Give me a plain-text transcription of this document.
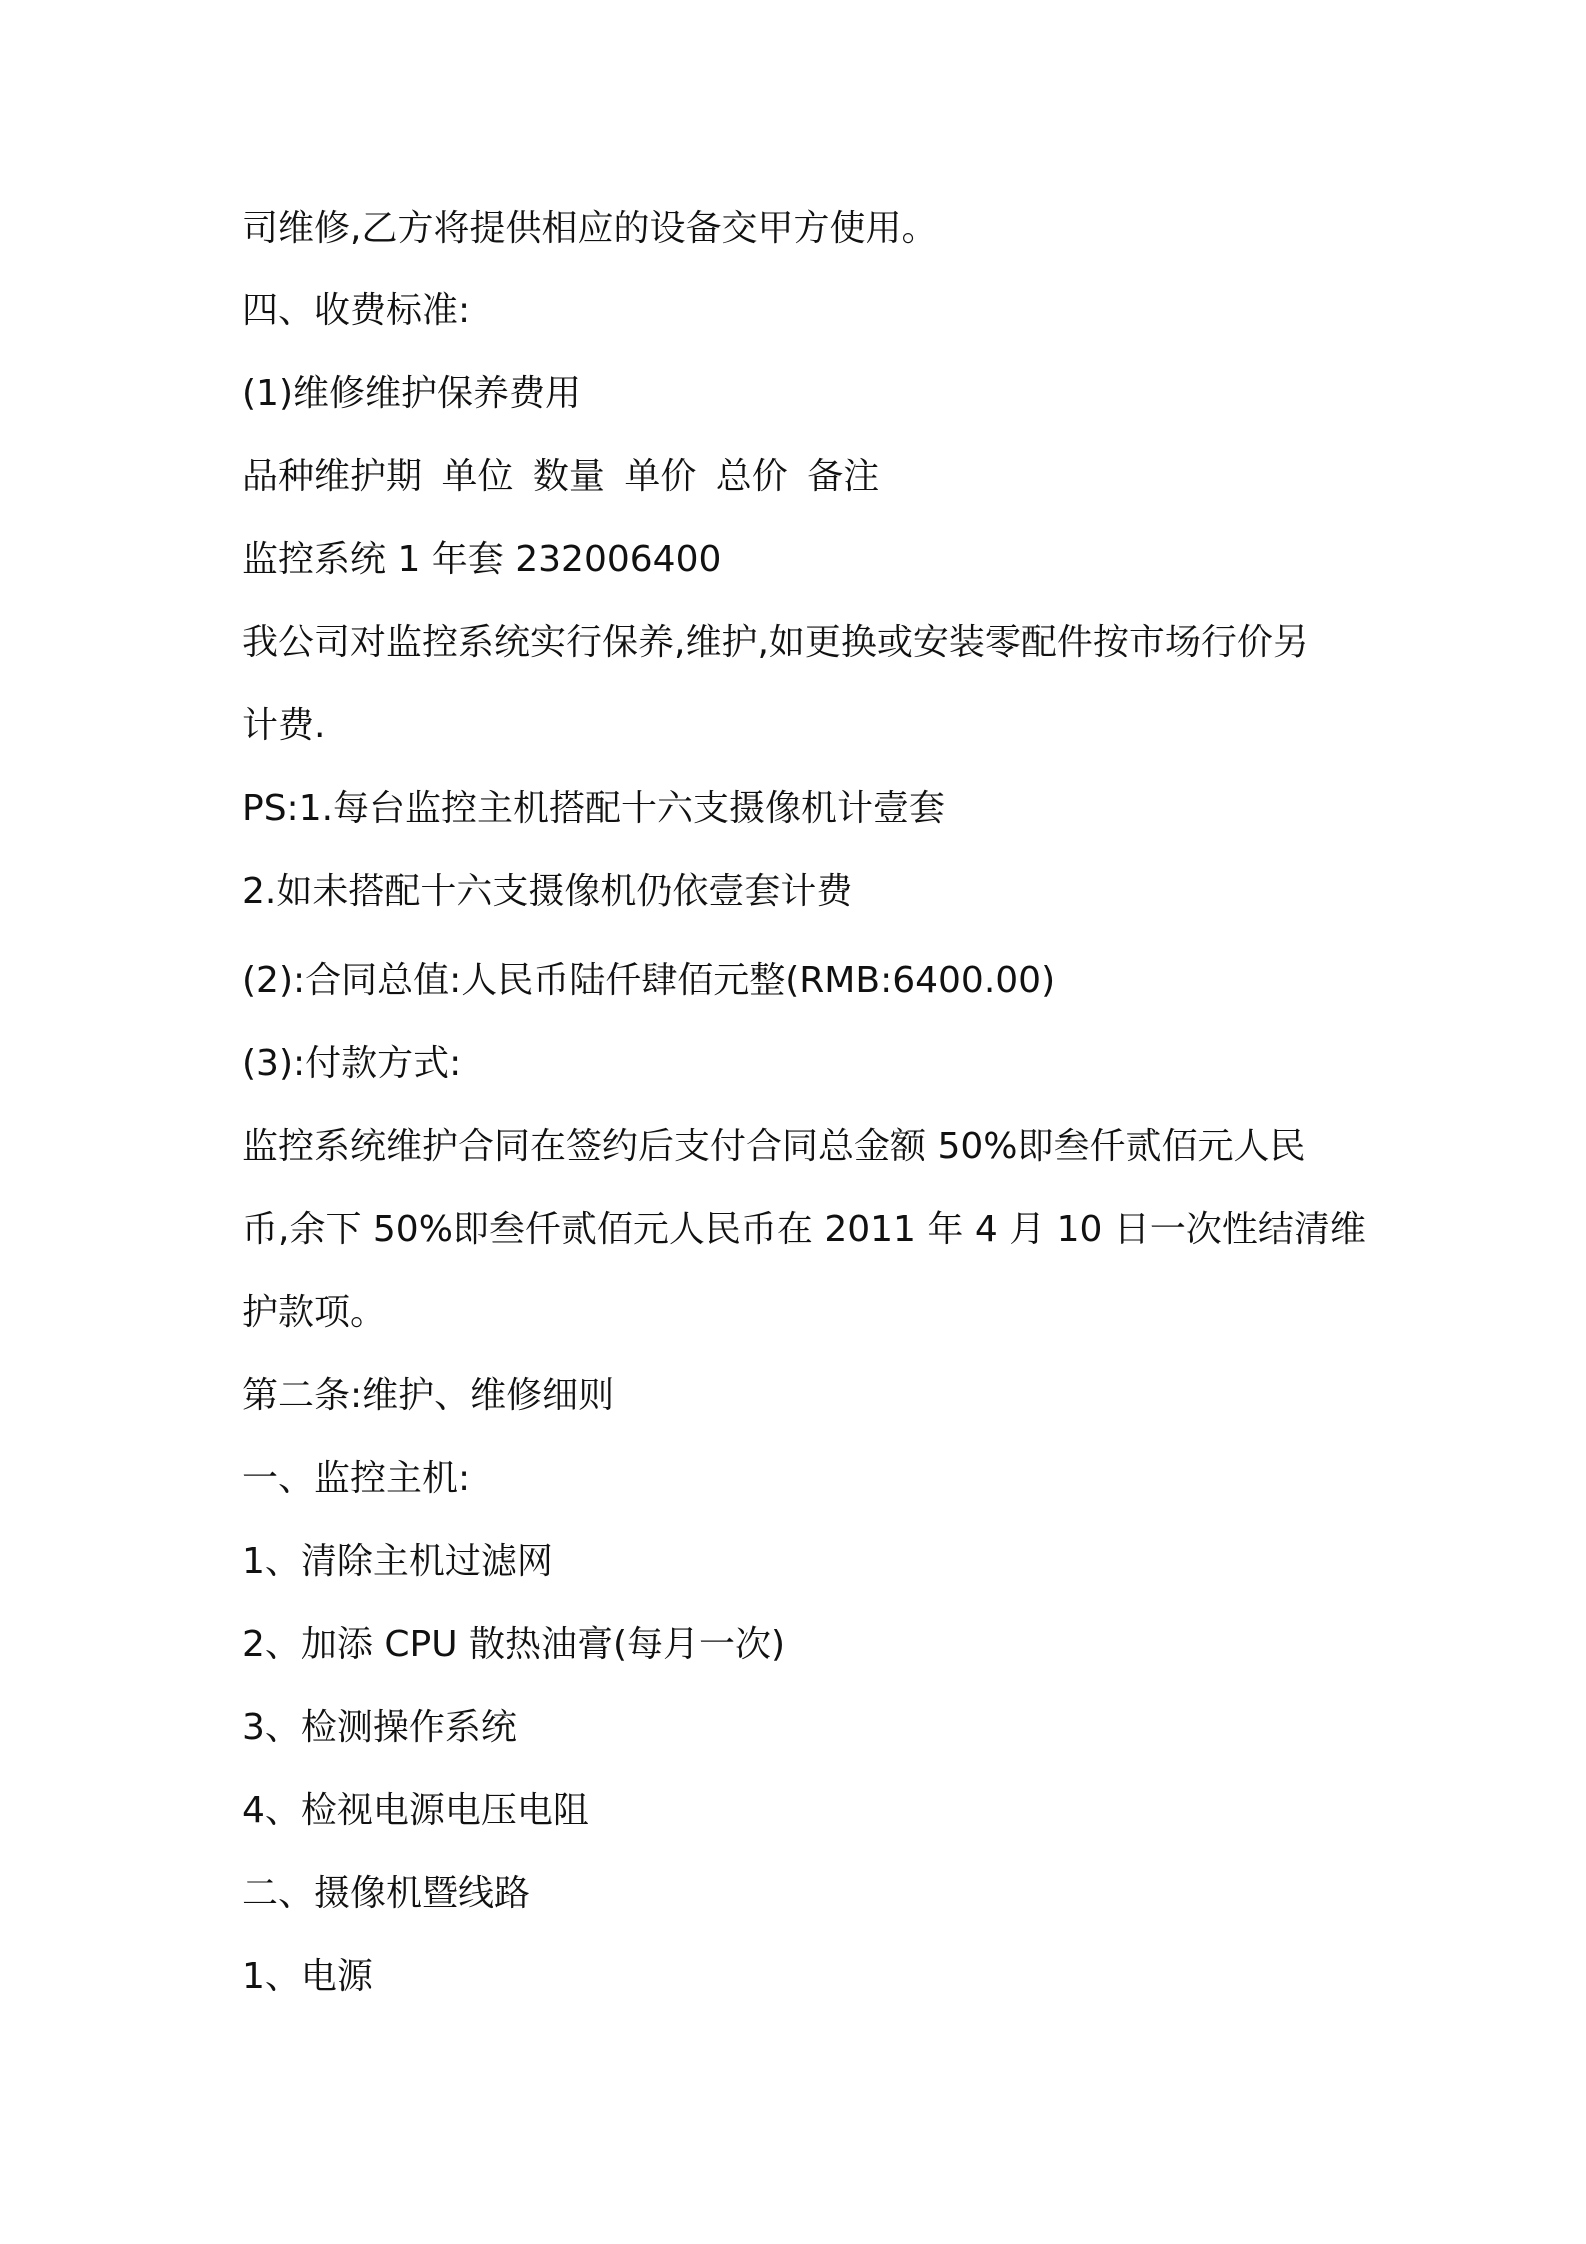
司维修,乙方将提供相应的设备交甲方使用。
四、收费标准:
(1)维修维护保养费用
品种维护期 单位 数量 单价 总价 备注
监控系统 1 年套 232006400
我公司对监控系统实行保养,维护,如更换或安装零配件按市场行价另
计费.
PS:1.每台监控主机搭配十六支摄像机计壹套
2.如未搭配十六支摄像机仍依壹套计费
(2):合同总值:人民币陆仟肆佰元整(RMB:6400.00)
(3):付款方式:
监控系统维护合同在签约后支付合同总金额 50%即叁仟贰佰元人民
币,余下 50%即叁仟贰佰元人民币在 2011 年 4 月 10 日一次性结清维
护款项。
第二条:维护、维修细则
一、监控主机:
1、清除主机过滤网
2、加添 CPU 散热油膏(每月一次)
3、检测操作系统
4、检视电源电压电阻
二、摄像机暨线路
1、电源
